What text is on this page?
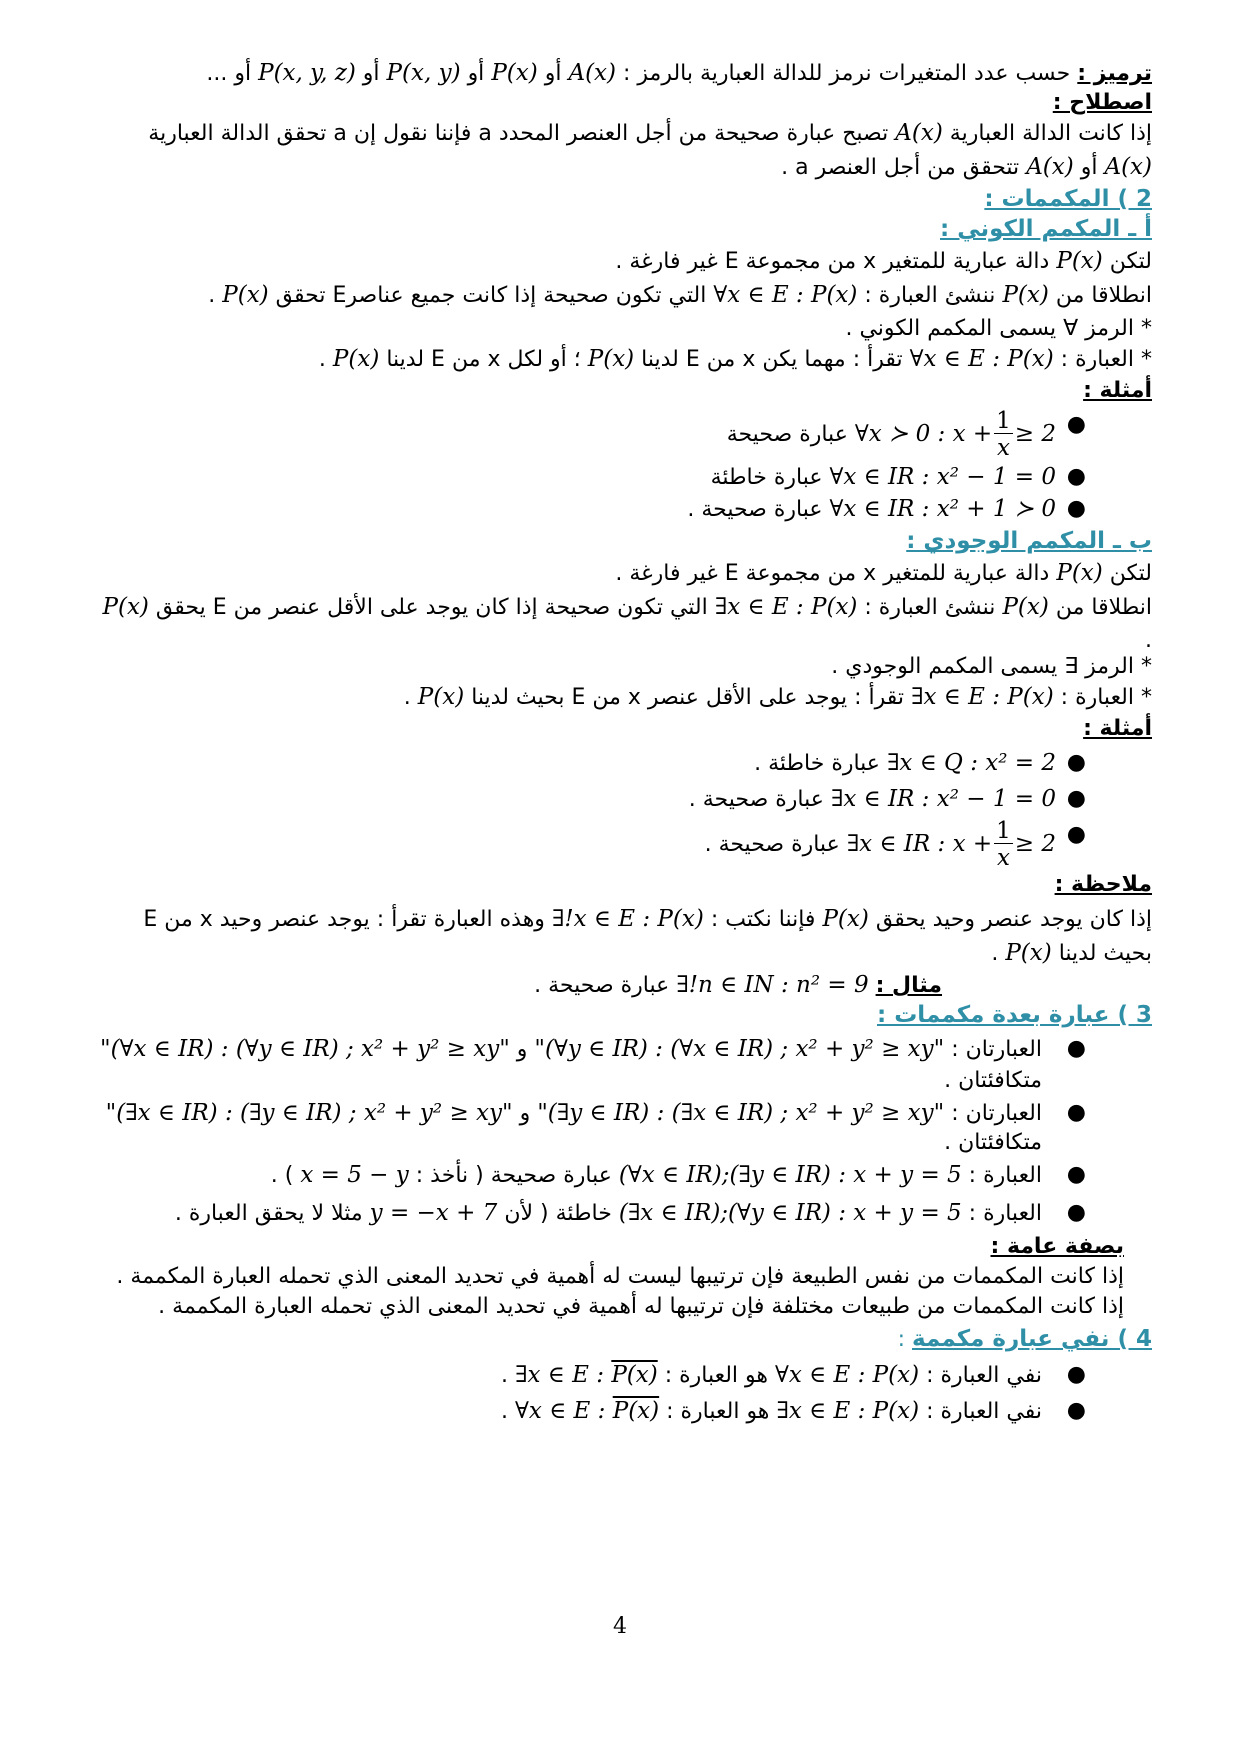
ترميز : حسب عدد المتغيرات نرمز للدالة العبارية بالرمز : A(x) أو P(x) أو P(x, y) أو P(x, y, z) أو ...
اصطلاح :
إذا كانت الدالة العبارية A(x) تصبح عبارة صحيحة من أجل العنصر المحدد a فإننا نقول إن a تحقق الدالة العبارية
A(x) أو A(x) تتحقق من أجل العنصر a .
2 ) المكممات :
أ ـ المكمم الكوني :
لتكن P(x) دالة عبارية للمتغير x من مجموعة E غير فارغة .
انطلاقا من P(x) ننشئ العبارة : ∀x ∈ E : P(x) التي تكون صحيحة إذا كانت جميع عناصرE تحقق P(x) .
* الرمز ∀ يسمى المكمم الكوني .
* العبارة : ∀x ∈ E : P(x) تقرأ : مهما يكن x من E لدينا P(x) ؛ أو لكل x من E لدينا P(x) .
أمثلة :
●
∀x ≻ 0 : $x + \frac{1}{x} \ge 2$ عبارة صحيحة
●
∀x ∈ IR : x² − 1 = 0 عبارة خاطئة
●
∀x ∈ IR : x² + 1 ≻ 0 عبارة صحيحة .
ب ـ المكمم الوجودي :
لتكن P(x) دالة عبارية للمتغير x من مجموعة E غير فارغة .
انطلاقا من P(x) ننشئ العبارة : ∃x ∈ E : P(x) التي تكون صحيحة إذا كان يوجد على الأقل عنصر من E يحقق P(x)
.
* الرمز ∃ يسمى المكمم الوجودي .
* العبارة : ∃x ∈ E : P(x) تقرأ : يوجد على الأقل عنصر x من E بحيث لدينا P(x) .
أمثلة :
●
∃x ∈ Q : x² = 2 عبارة خاطئة .
●
∃x ∈ IR : x² − 1 = 0 عبارة صحيحة .
●
∃x ∈ IR : $x + \frac{1}{x} \ge 2$ عبارة صحيحة .
ملاحظة :
إذا كان يوجد عنصر وحيد يحقق P(x) فإننا نكتب : ∃!x ∈ E : P(x) وهذه العبارة تقرأ : يوجد عنصر وحيد x من E
بحيث لدينا P(x) .
مثال : ∃!n ∈ IN : n² = 9 عبارة صحيحة .
3 ) عبارة بعدة مكممات :
●
العبارتان : "(∀y ∈ IR) : (∀x ∈ IR) ; x² + y² ≥ xy" و "(∀x ∈ IR) : (∀y ∈ IR) ; x² + y² ≥ xy"
متكافئتان .
●
العبارتان : "(∃y ∈ IR) : (∃x ∈ IR) ; x² + y² ≥ xy" و "(∃x ∈ IR) : (∃y ∈ IR) ; x² + y² ≥ xy"
متكافئتان .
●
العبارة : (∀x ∈ IR);(∃y ∈ IR) : x + y = 5 عبارة صحيحة ( نأخذ : x = 5 − y ) .
●
العبارة : (∃x ∈ IR);(∀y ∈ IR) : x + y = 5 خاطئة ( لأن y = −x + 7 مثلا لا يحقق العبارة .
بصفة عامة :
إذا كانت المكممات من نفس الطبيعة فإن ترتيبها ليست له أهمية في تحديد المعنى الذي تحمله العبارة المكممة .
إذا كانت المكممات من طبيعات مختلفة فإن ترتيبها له أهمية في تحديد المعنى الذي تحمله العبارة المكممة .
4 ) نفي عبارة مكممة :
●
نفي العبارة : ∀x ∈ E : P(x) هو العبارة : ∃x ∈ E : P(x) .
●
نفي العبارة : ∃x ∈ E : P(x) هو العبارة : ∀x ∈ E : P(x) .
4
